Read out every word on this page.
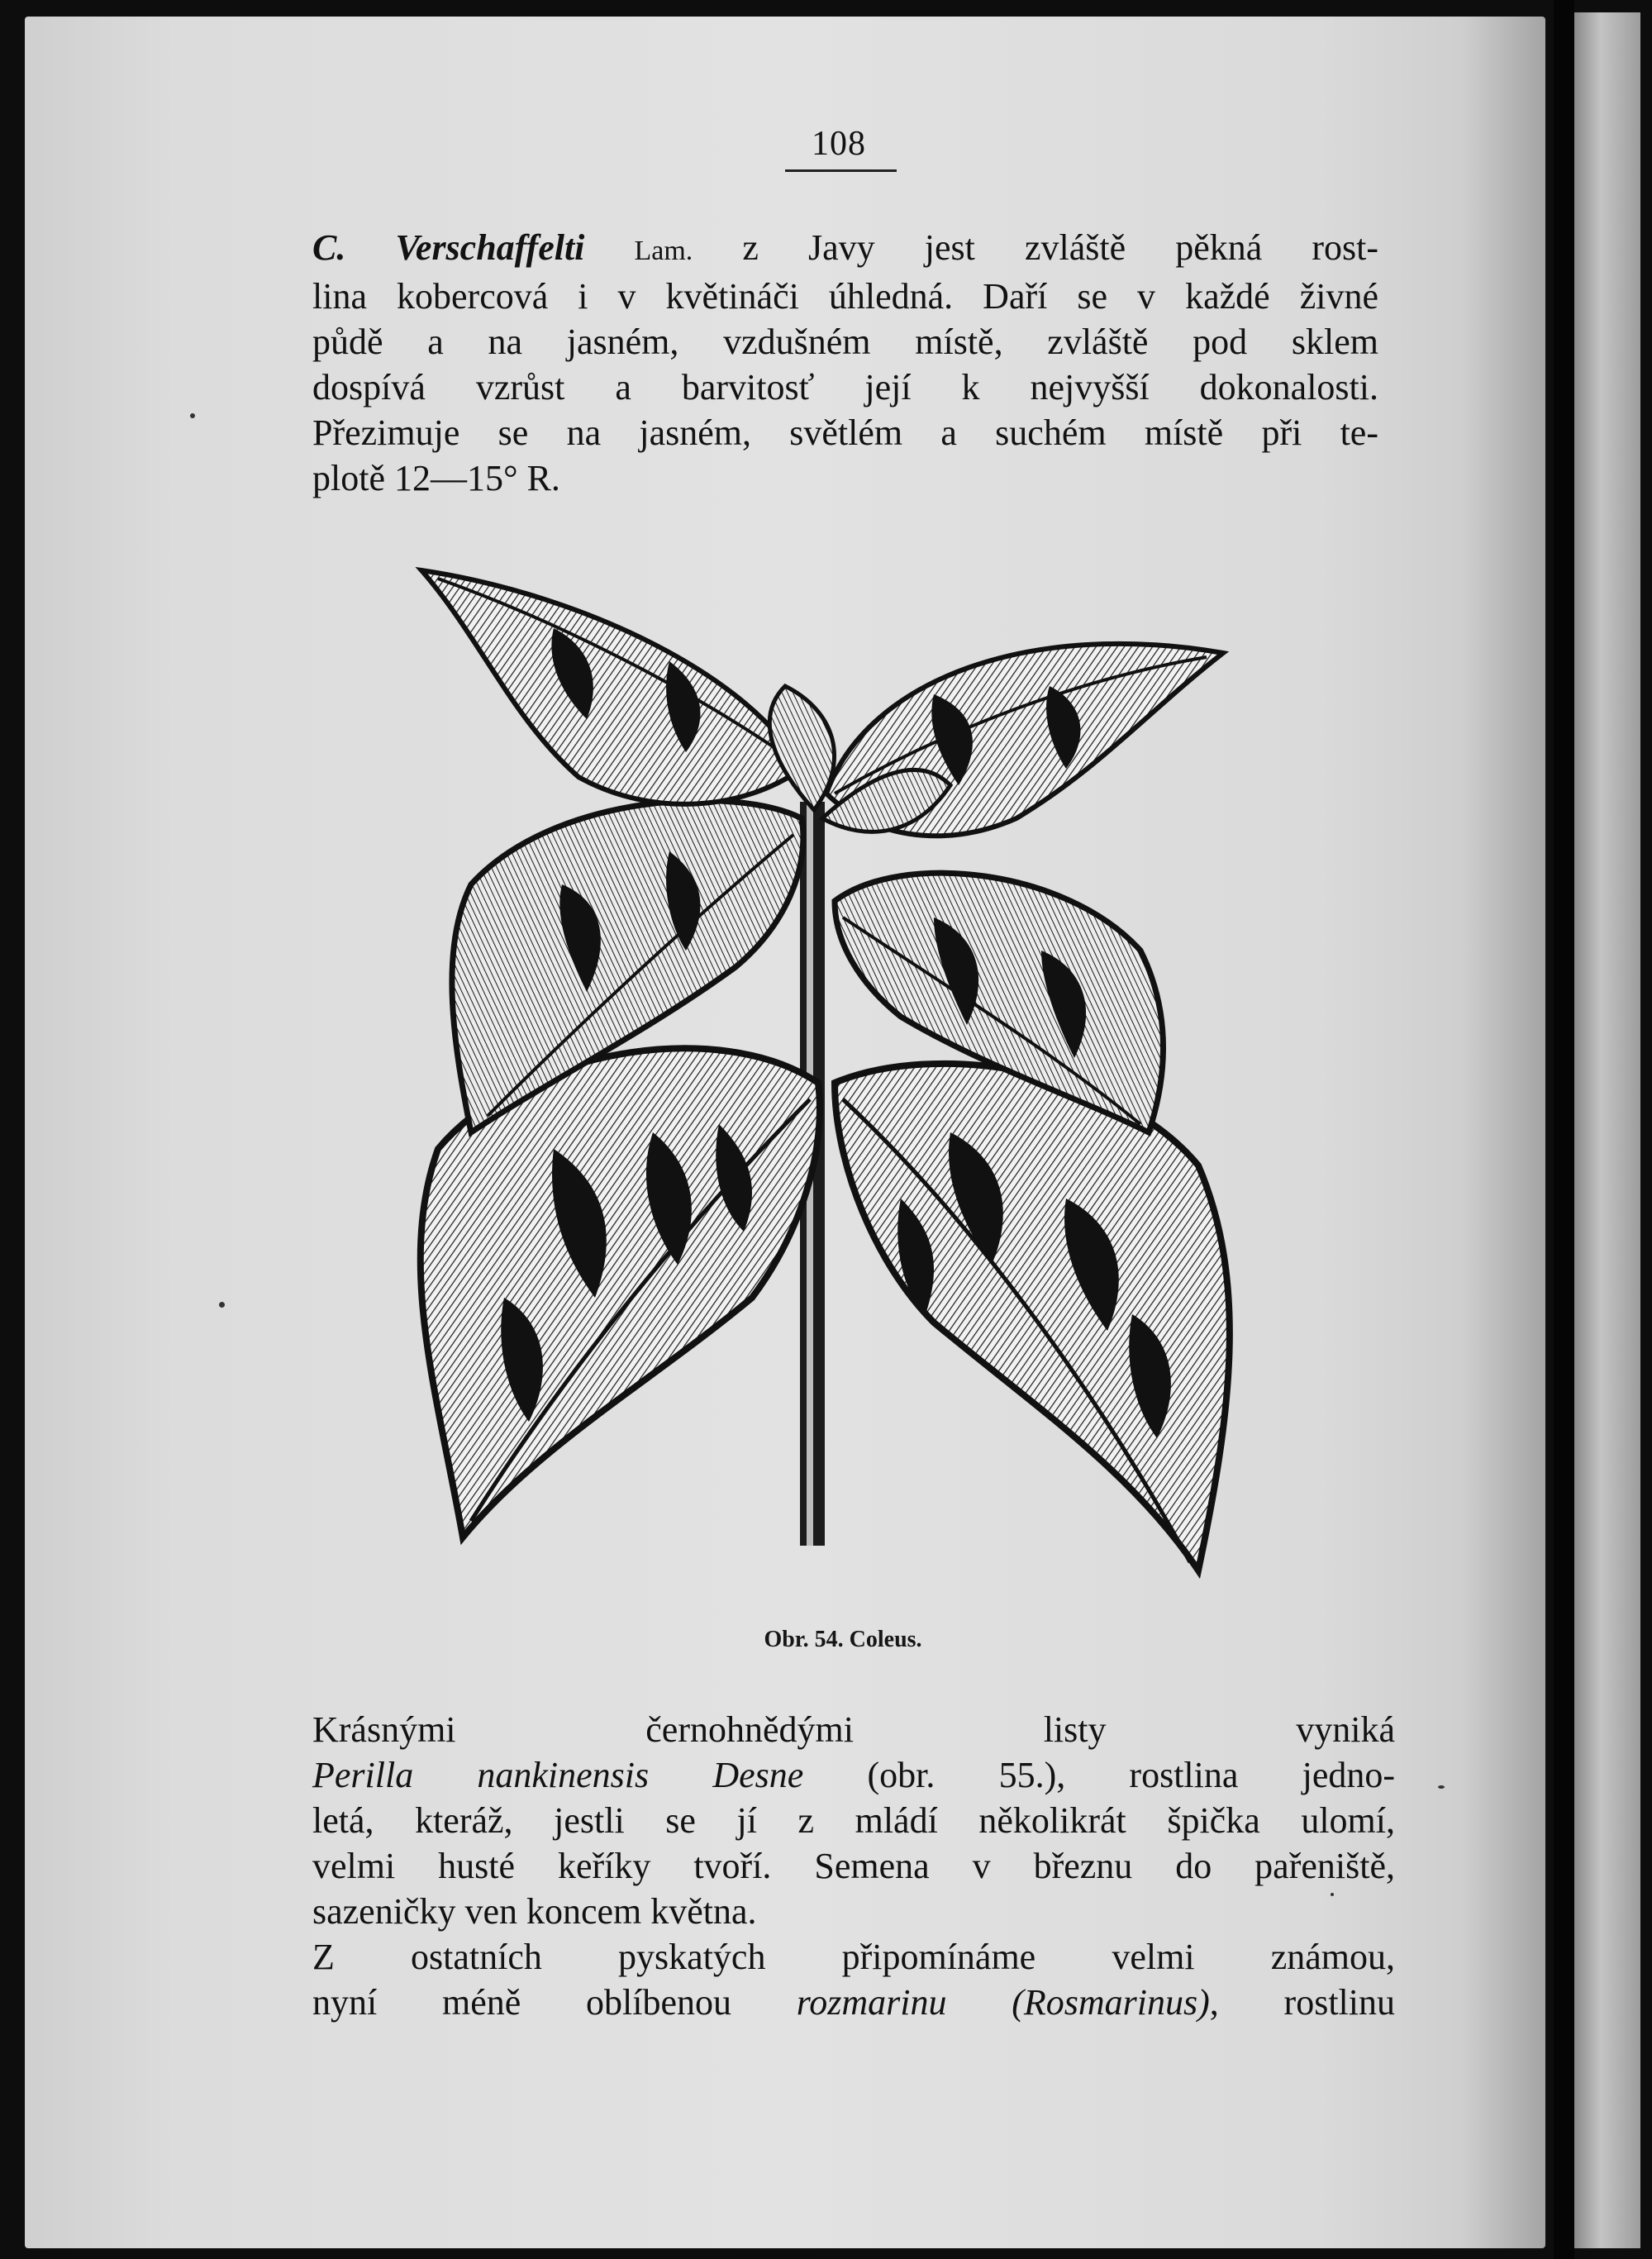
108
C. Verschaffelti Lam. z Javy jest zvláště pěkná rost-
lina kobercová i v květináči úhledná. Daří se v každé živné
půdě a na jasném, vzdušném místě, zvláště pod sklem
dospívá vzrůst a barvitosť její k nejvyšší dokonalosti.
Přezimuje se na jasném, světlém a suchém místě při te-
plotě 12—15° R.
Obr. 54. Coleus.
Krásnými černohnědými listy vyniká
Perilla nankinensis Desne (obr. 55.), rostlina jedno-
letá, kteráž, jestli se jí z mládí několikrát špička ulomí,
velmi husté keříky tvoří. Semena v březnu do pařeniště,
sazeničky ven koncem května.
Z ostatních pyskatých připomínáme velmi známou,
nyní méně oblíbenou rozmarinu (Rosmarinus), rostlinu
